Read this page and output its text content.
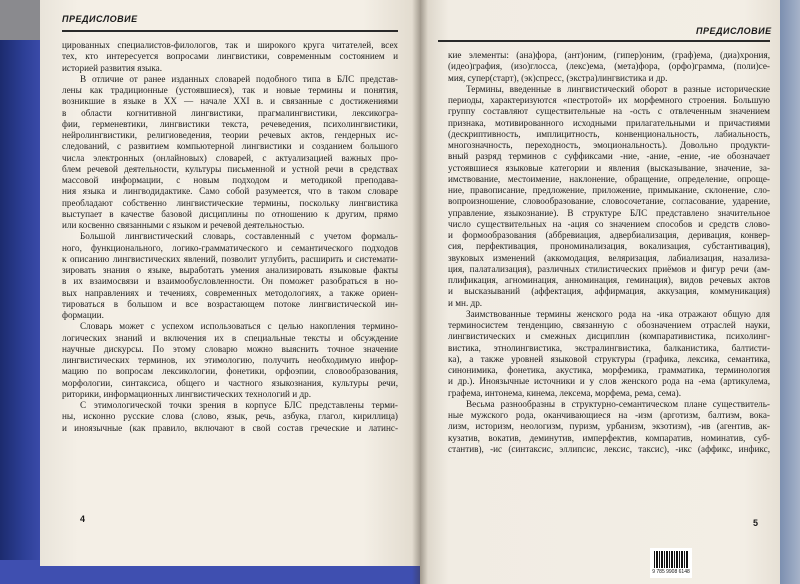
ПРЕДИСЛОВИЕ
цированных специалистов-филологов, так и широкого круга читателей, всех
тех, кто интересуется вопросами лингвистики, современным состоянием и
историей развития языка.
В отличие от ранее изданных словарей подобного типа в БЛС представ-
лены как традиционные (устоявшиеся), так и новые термины и понятия,
возникшие в языке в XX — начале XXI в. и связанные с достижениями
в области когнитивной лингвистики, прагмалингвистики, лексикогра-
фии, герменевтики, лингвистики текста, речеведения, психолингвистики,
нейролингвистики, религиоведения, теории речевых актов, гендерных ис-
следований, с развитием компьютерной лингвистики и созданием большого
числа электронных (онлайновых) словарей, с актуализацией важных про-
блем речевой деятельности, культуры письменной и устной речи в средствах
массовой информации, с новым подходом и методикой преподава-
ния языка и лингводидактике. Само собой разумеется, что в таком словаре
преобладают собственно лингвистические термины, поскольку лингвистика
выступает в качестве базовой дисциплины по отношению к другим, прямо
или косвенно связанными с языком и речевой деятельностью.
Большой лингвистический словарь, составленный с учетом формаль-
ного, функционального, логико-грамматического и семантического подходов
к описанию лингвистических явлений, позволит углубить, расширить и системати-
зировать знания о языке, выработать умения анализировать языковые факты
в их взаимосвязи и взаимообусловленности. Он поможет разобраться в но-
вых направлениях и течениях, современных методологиях, а также ориен-
тироваться в большом и все возрастающем потоке лингвистической ин-
формации.
Словарь может с успехом использоваться с целью накопления термино-
логических знаний и включения их в специальные тексты и обсуждение
научные дискурсы. По этому словарю можно выяснить точное значение
лингвистических терминов, их этимологию, получить необходимую инфор-
мацию по вопросам лексикологии, фонетики, орфоэпии, словообразования,
морфологии, синтаксиса, общего и частного языкознания, культуры речи,
риторики, информационных лингвистических технологий и др.
С этимологической точки зрения в корпусе БЛС представлены терми-
ны, исконно русские слова (слово, язык, речь, азбука, глагол, кириллица)
и иноязычные (как правило, включают в свой состав греческие и латинс-
4
ПРЕДИСЛОВИЕ
кие элементы: (ана)фора, (ант)оним, (гипер)оним, (граф)ема, (диа)хрония,
(идео)графия, (изо)глосса, (лекс)ема, (мета)фора, (орфо)грамма, (поли)се-
мия, супер(старт), (эк)спресс, (экстра)лингвистика и др.
Термины, введенные в лингвистический оборот в разные исторические
периоды, характеризуются «пестротой» их морфемного строения. Большую
группу составляют существительные на -ость с отвлеченным значением
признака, мотивированного исходными прилагательными и причастиями
(дескриптивность, имплицитность, конвенциональность, лабиальность,
многозначность, переходность, эмоциональность). Довольно продукти-
вный разряд терминов с суффиксами -ние, -ание, -ение, -ие обозначает
устоявшиеся языковые категории и явления (высказывание, значение, за-
имствование, местоимение, наклонение, обращение, определение, опроще-
ние, правописание, предложение, приложение, примыкание, склонение, сло-
вопроизношение, словообразование, словосочетание, согласование, ударение,
управление, языкознание). В структуре БЛС представлено значительное
число существительных на -ация со значением способов и средств слово-
и формообразования (аббревиация, адвербиализация, деривация, конвер-
сия, перфективация, прономинализация, вокализация, субстантивация),
звуковых изменений (аккомодация, веляризация, лабиализация, назализа-
ция, палатализация), различных стилистических приёмов и фигур речи (ам-
плификация, агноминация, анноминация, геминация), видов речевых актов
и высказываний (аффектация, аффирмация, аккузация, коммуникация)
и мн. др.
Заимствованные термины женского рода на -ика отражают общую для
терминосистем тенденцию, связанную с обозначением отраслей науки,
лингвистических и смежных дисциплин (компаративистика, психолинг-
вистика, этнолингвистика, экстралингвистика, балканистика, балтисти-
ка), а также уровней языковой структуры (графика, лексика, семантика,
синонимика, фонетика, акустика, морфемика, грамматика, терминология
и др.). Иноязычные источники и у слов женского рода на -ема (артикулема,
графема, интонема, кинема, лексема, морфема, рема, сема).
Весьма разнообразны в структурно-семантическом плане существитель-
ные мужского рода, оканчивающиеся на -изм (арготизм, балтизм, вока-
лизм, историзм, неологизм, пуризм, урбанизм, экзотизм), -ив (агентив, ак-
кузатив, вокатив, деминутив, имперфектив, компаратив, номинатив, суб-
стантив), -ис (синтаксис, эллипсис, лексис, таксис), -икс (аффикс, инфикс,
5
9 785 9908 6148
